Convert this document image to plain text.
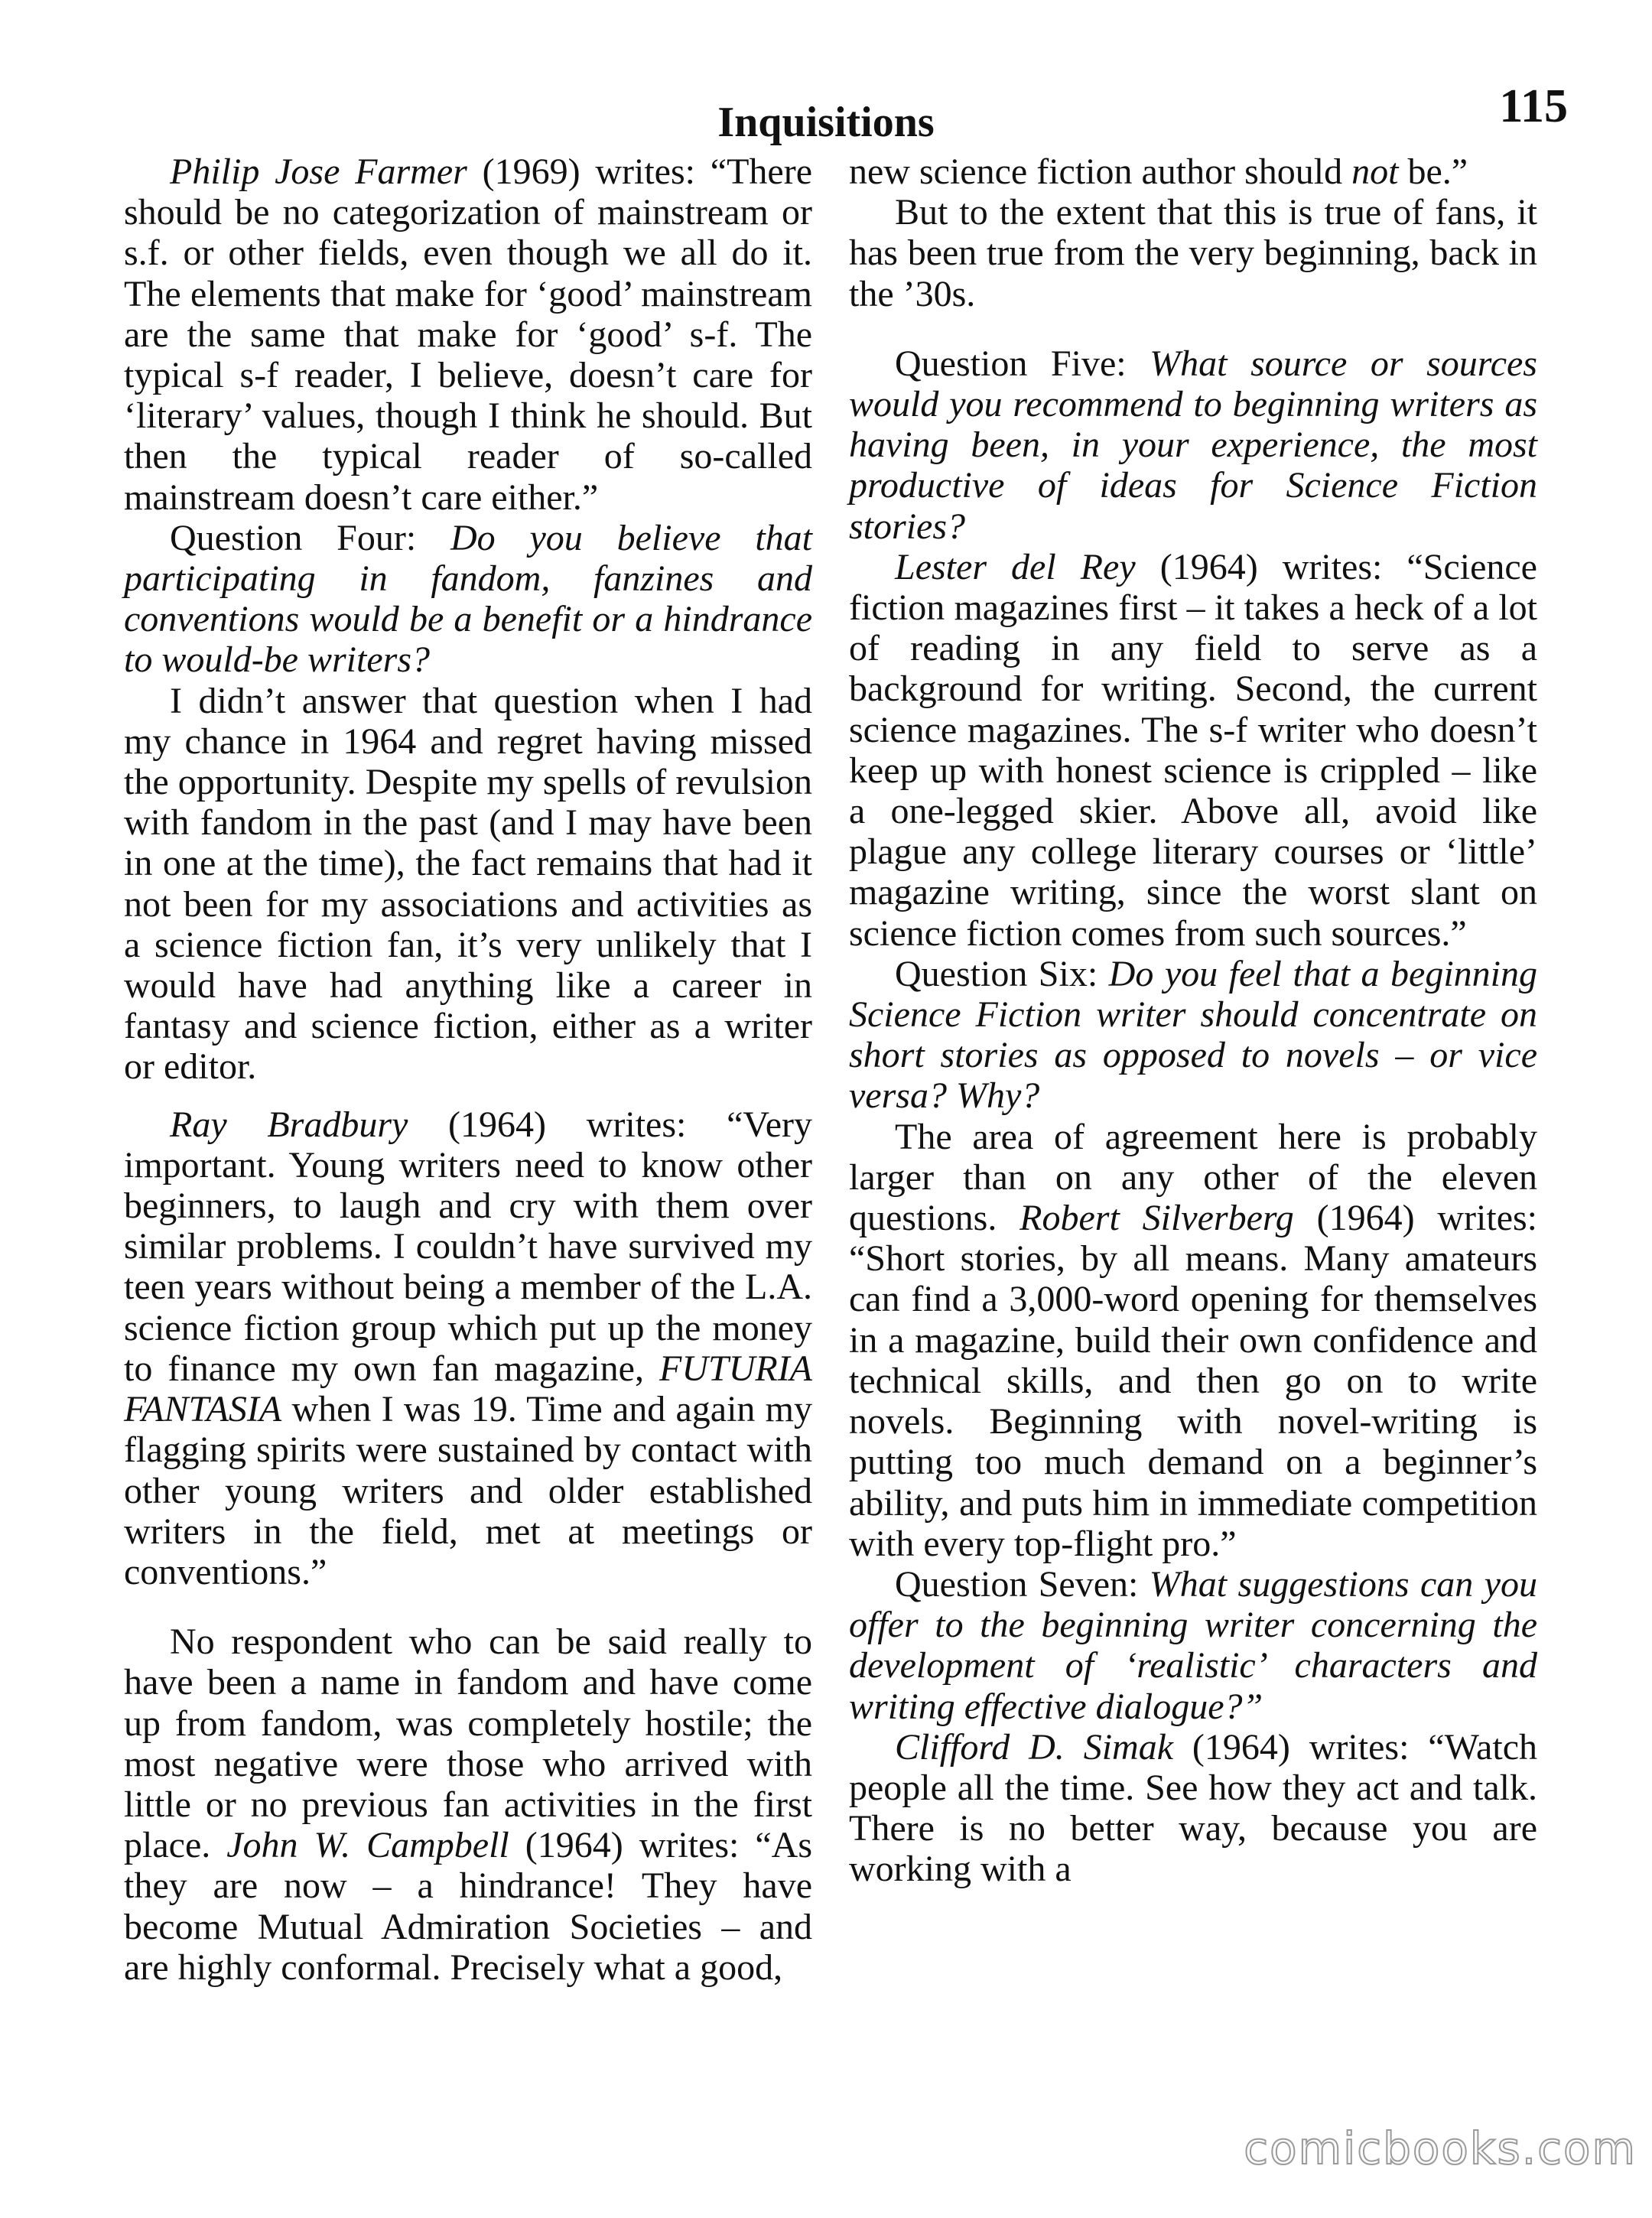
Inquisitions	115

Philip Jose Farmer (1969) writes: “There should be no categorization of mainstream or s.f. or other fields, even though we all do it. The elements that make for ‘good’ mainstream are the same that make for ‘good’ s-f. The typical s-f reader, I believe, doesn’t care for ‘literary’ values, though I think he should. But then the typical reader of so-called mainstream doesn’t care either.”

Question Four: Do you believe that participating in fandom, fanzines and conventions would be a benefit or a hindrance to would-be writers?

I didn’t answer that question when I had my chance in 1964 and regret having missed the opportunity. Despite my spells of revulsion with fandom in the past (and I may have been in one at the time), the fact remains that had it not been for my associations and activities as a science fiction fan, it’s very unlikely that I would have had anything like a career in fantasy and science fiction, either as a writer or editor.

Ray Bradbury (1964) writes: “Very important. Young writers need to know other beginners, to laugh and cry with them over similar problems. I couldn’t have survived my teen years without being a member of the L.A. science fiction group which put up the money to finance my own fan magazine, FUTURIA FANTASIA when I was 19. Time and again my flagging spirits were sustained by contact with other young writers and older established writers in the field, met at meetings or conventions.”

No respondent who can be said really to have been a name in fandom and have come up from fandom, was completely hostile; the most negative were those who arrived with little or no previous fan activities in the first place. John W. Campbell (1964) writes: “As they are now – a hindrance! They have become Mutual Admiration Societies – and are highly conformal. Precisely what a good,

new science fiction author should not be.”

But to the extent that this is true of fans, it has been true from the very beginning, back in the ’30s.

Question Five: What source or sources would you recommend to beginning writers as having been, in your experience, the most productive of ideas for Science Fiction stories?

Lester del Rey (1964) writes: “Science fiction magazines first – it takes a heck of a lot of reading in any field to serve as a background for writing. Second, the current science magazines. The s-f writer who doesn’t keep up with honest science is crippled – like a one-legged skier. Above all, avoid like plague any college literary courses or ‘little’ magazine writing, since the worst slant on science fiction comes from such sources.”

Question Six: Do you feel that a beginning Science Fiction writer should concentrate on short stories as opposed to novels – or vice versa? Why?

The area of agreement here is probably larger than on any other of the eleven questions. Robert Silverberg (1964) writes: “Short stories, by all means. Many amateurs can find a 3,000-word opening for themselves in a magazine, build their own confidence and technical skills, and then go on to write novels. Beginning with novel-writing is putting too much demand on a beginner’s ability, and puts him in immediate competition with every top-flight pro.”

Question Seven: What suggestions can you offer to the beginning writer concerning the development of ‘realistic’ characters and writing effective dialogue?”

Clifford D. Simak (1964) writes: “Watch people all the time. See how they act and talk. There is no better way, because you are working with a

comicbooks.com
